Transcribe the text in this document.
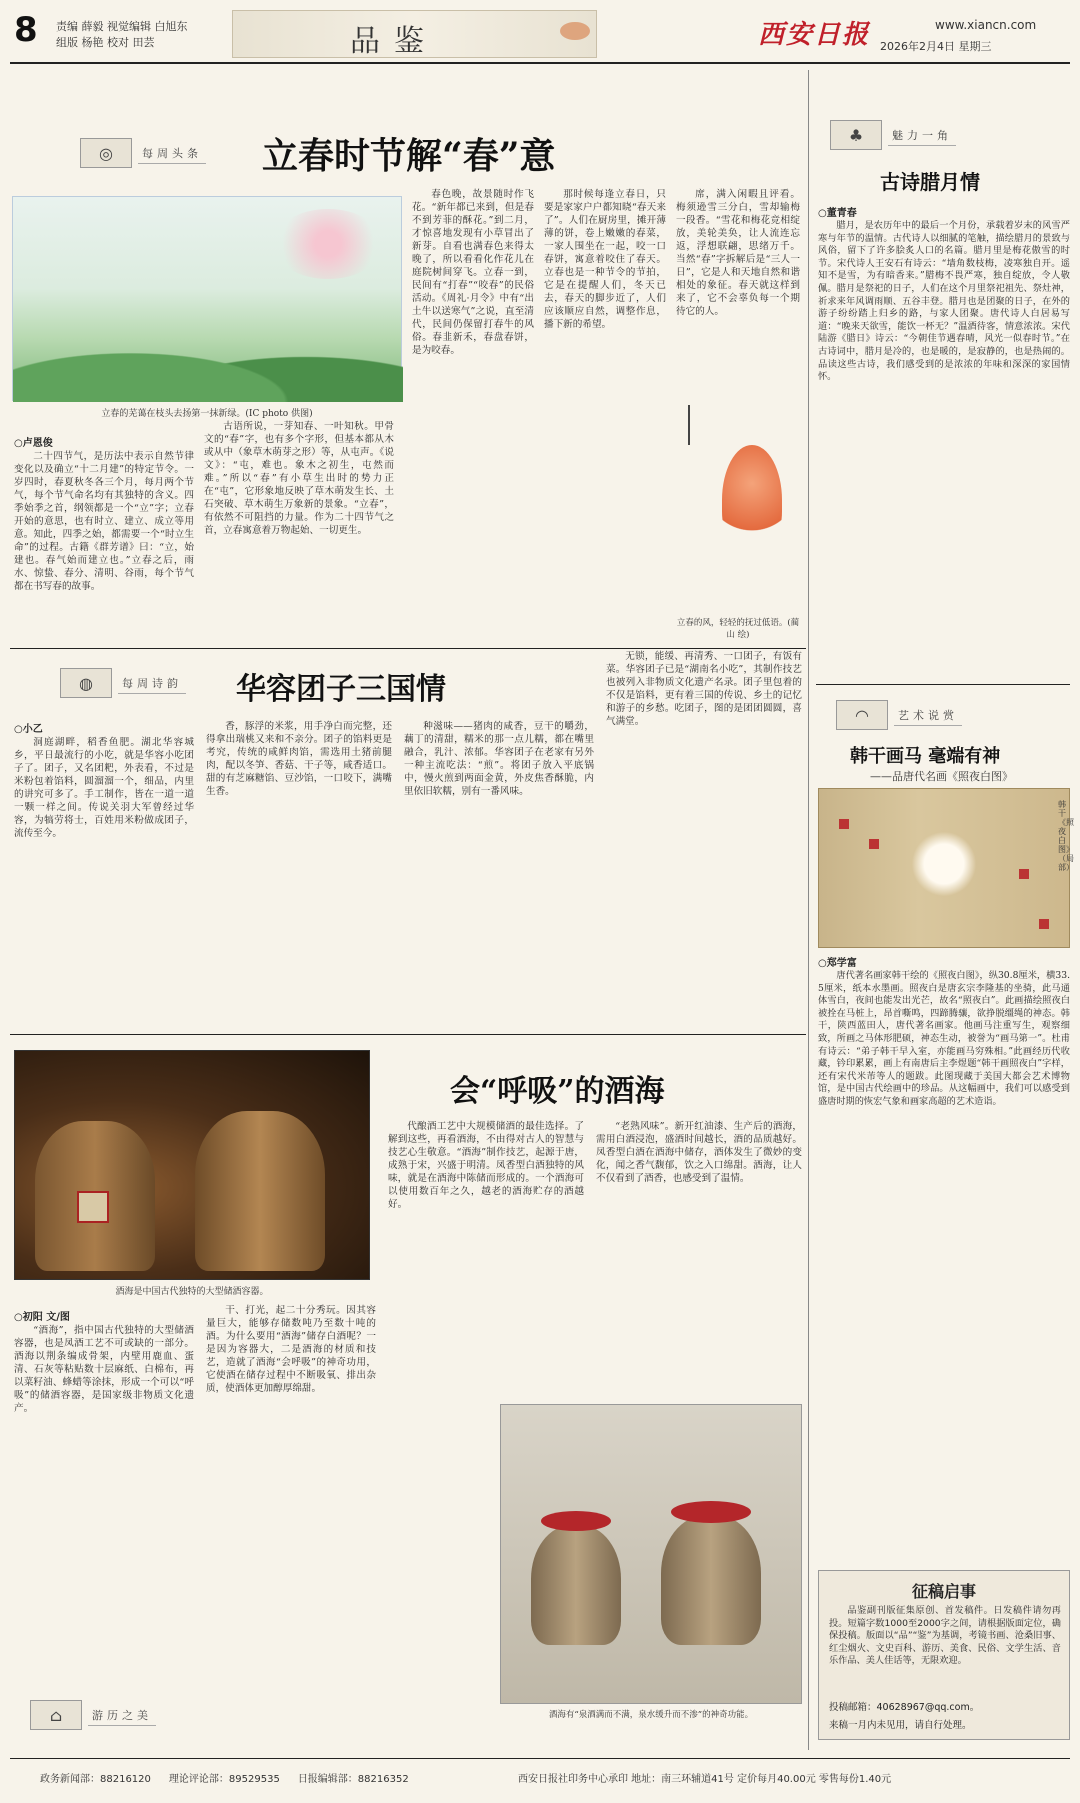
8 责编 薛毅 视觉编辑 白旭东
组版 杨艳 校对 田芸	品鉴	西安日报	www.xiancn.com
2026年2月4日 星期三
◎	每周头条 立春时节解“春”意
立春的芜蔼在枝头去扬第一抹新绿。(IC photo 供图)
○卢恩俊

二十四节气，是历法中表示自然节律变化以及确立“十二月建”的特定节令。一岁四时，春夏秋冬各三个月，每月两个节气，每个节气命名均有其独特的含义。四季始季之首，纲领都是一个“立”字；立春开始的意思，也有时立、建立、成立等用意。知此，四季之始，都需要一个“时立生命”的过程。古籍《群芳谱》曰：“立，始建也。春气始而建立也。”立春之后，雨水、惊蛰、春分、清明、谷雨，每个节气都在书写春的故事。

古语所说，一芽知春、一叶知秋。甲骨文的“春”字，也有多个字形，但基本都从木或从中（象草木萌芽之形）等，从屯声。《说文》：“屯，难也。象木之初生，屯然而难。”所以“春”有小草生出时的势力正在“屯”，它形象地反映了草木萌发生长、土石突破、草木萌生万象新的景象。“立春”，有依然不可阻挡的力量。作为二十四节气之首，立春寓意着万物起始、一切更生。

春色晚，故景随时作飞花。“新年都已来到，但是春不到芳菲的酥花。”到二月，才惊喜地发现有小草冒出了新芽。自看也满春色来得太晚了，所以看看化作花儿在庭院树间穿飞。立春一到，民间有“打春”“咬春”的民俗活动。《周礼·月令》中有“出土牛以送寒气”之说，直至清代，民间仍保留打春牛的风俗。春韭新禾，春盘春饼，是为咬春。

那时候每逢立春日，只要是家家户户都知晓“春天来了”。人们在厨房里，摊开薄薄的饼，卷上嫩嫩的春菜，一家人围坐在一起，咬一口春饼，寓意着咬住了春天。立春也是一种节令的节拍，它是在提醒人们，冬天已去，春天的脚步近了，人们应该顺应自然，调整作息，播下新的希望。

席，满入闲暇且评看。梅须逊雪三分白，雪却输梅一段香。“雪花和梅花竞相绽放，美轮美奂，让人流连忘返，浮想联翩，思绪万千。当然“春”字拆解后是“三人一日”，它是人和天地自然和谐相处的象征。春天就这样到来了，它不会辜负每一个期待它的人。

立春的风，轻轻的抚过低语。(蔺山 绘)
♣	魅力一角
古诗腊月情
○董青春

腊月，是农历年中的最后一个月份，承载着岁末的风雪严寒与年节的温情。古代诗人以细腻的笔触，描绘腊月的景致与风俗，留下了许多脍炙人口的名篇。腊月里是梅花傲雪的时节。宋代诗人王安石有诗云：“墙角数枝梅，凌寒独自开。遥知不是雪，为有暗香来。”腊梅不畏严寒，独自绽放，令人敬佩。腊月是祭祀的日子，人们在这个月里祭祀祖先、祭灶神，祈求来年风调雨顺、五谷丰登。腊月也是团聚的日子，在外的游子纷纷踏上归乡的路，与家人团聚。唐代诗人白居易写道：“晚来天欲雪，能饮一杯无？”温酒待客，情意浓浓。宋代陆游《腊日》诗云：“今朝佳节遇春晴，风光一似春时节。”在古诗词中，腊月是冷的，也是暖的，是寂静的，也是热闹的。品读这些古诗，我们感受到的是浓浓的年味和深深的家国情怀。

◠	艺术说赏
韩干画马 毫端有神
——品唐代名画《照夜白图》
韩干《照夜白图》（局部）
○郑学富

唐代著名画家韩干绘的《照夜白图》，纵30.8厘米，横33.5厘米，纸本水墨画。照夜白是唐玄宗李隆基的坐骑，此马通体雪白，夜间也能发出光芒，故名“照夜白”。此画描绘照夜白被拴在马桩上，昂首嘶鸣，四蹄腾骧，欲挣脱缰绳的神态。韩干，陕西蓝田人，唐代著名画家。他画马注重写生，观察细致，所画之马体形肥硕，神态生动，被誉为“画马第一”。杜甫有诗云：“弟子韩干早入室，亦能画马穷殊相。”此画经历代收藏，钤印累累，画上有南唐后主李煜题“韩干画照夜白”字样，还有宋代米芾等人的题跋。此图现藏于美国大都会艺术博物馆，是中国古代绘画中的珍品。从这幅画中，我们可以感受到盛唐时期的恢宏气象和画家高超的艺术造诣。

征稿启事

品鉴副刊版征集原创、首发稿件。日发稿件请勿再投。短篇字数1000至2000字之间，请根据版面定位，确保投稿。版面以“品”“鉴”为基调，考镜书画、沧桑旧事、红尘烟火、文史百科、游历、美食、民俗、文学生活、音乐作品、美人佳话等，无限欢迎。

投稿邮箱：40628967@qq.com。
来稿一月内未见用，请自行处理。
◍	每周诗韵 华容团子三国情
○小乙

洞庭湖畔，稻香鱼肥。湖北华容城乡，平日最流行的小吃，就是华容小吃团子了。团子，又名团粑，外表看，不过是米粉包着馅料，圆溜溜一个，细品，内里的讲究可多了。手工制作，皆在一道一道一颗一样之间。传说关羽大军曾经过华容，为犒劳将士，百姓用米粉做成团子，流传至今。

香，豚浮的米浆，用手净白而完整，还得拿出瑞桃又来和不亲分。团子的馅料更是考究，传统的咸鲜肉馅，需选用土猪前腿肉，配以冬笋、香菇、干子等，咸香适口。甜的有芝麻糖馅、豆沙馅，一口咬下，满嘴生香。

种滋味——猪肉的咸香，豆干的嚼劲，藕丁的清甜，糯米的那一点儿糯，都在嘴里融合，乳汁、浓郁。华容团子在老家有另外一种主流吃法：“煎”。将团子放入平底锅中，慢火煎到两面金黄，外皮焦香酥脆，内里依旧软糯，别有一番风味。

无锁，能缓、再清秀、一口团子，有饭有菜。华容团子已是“湖南名小吃”，其制作技艺也被列入非物质文化遗产名录。团子里包着的不仅是馅料，更有着三国的传说、乡土的记忆和游子的乡愁。吃团子，图的是团团圆圆，喜气满堂。

酒海是中国古代独特的大型储酒容器。
会“呼吸”的酒海
○初阳 文/图

“酒海”，指中国古代独特的大型储酒容器，也是凤酒工艺不可或缺的一部分。酒海以荆条编成骨架，内壁用鹿血、蛋清、石灰等粘贴数十层麻纸、白棉布，再以菜籽油、蜂蜡等涂抹，形成一个可以“呼吸”的储酒容器，是国家级非物质文化遗产。

干、打光，起二十分秀玩。因其容量巨大，能够存储数吨乃至数十吨的酒。为什么要用“酒海”储存白酒呢？一是因为容器大，二是酒海的材质和技艺，造就了酒海“会呼吸”的神奇功用，它使酒在储存过程中不断吸氧、排出杂质，使酒体更加醇厚绵甜。

代酿酒工艺中大规模储酒的最佳选择。了解到这些，再看酒海，不由得对古人的智慧与技艺心生敬意。“酒海”制作技艺，起源于唐，成熟于宋，兴盛于明清。凤香型白酒独特的风味，就是在酒海中陈储而形成的。一个酒海可以使用数百年之久，越老的酒海贮存的酒越好。

“老熟风味”。新开红油漆、生产后的酒海，需用白酒浸泡，盛酒时间越长，酒的品质越好。凤香型白酒在酒海中储存，酒体发生了微妙的变化，闻之香气馥郁，饮之入口绵甜。酒海，让人不仅看到了酒香，也感受到了温情。

酒海有“泉酒满而不满，泉水缓升而不渗”的神奇功能。
⌂	游历之美
政务新闻部：88216120 理论评论部：89529535 日报编辑部：88216352	西安日报社印务中心承印 地址：南三环辅道41号 定价每月40.00元 零售每份1.40元
